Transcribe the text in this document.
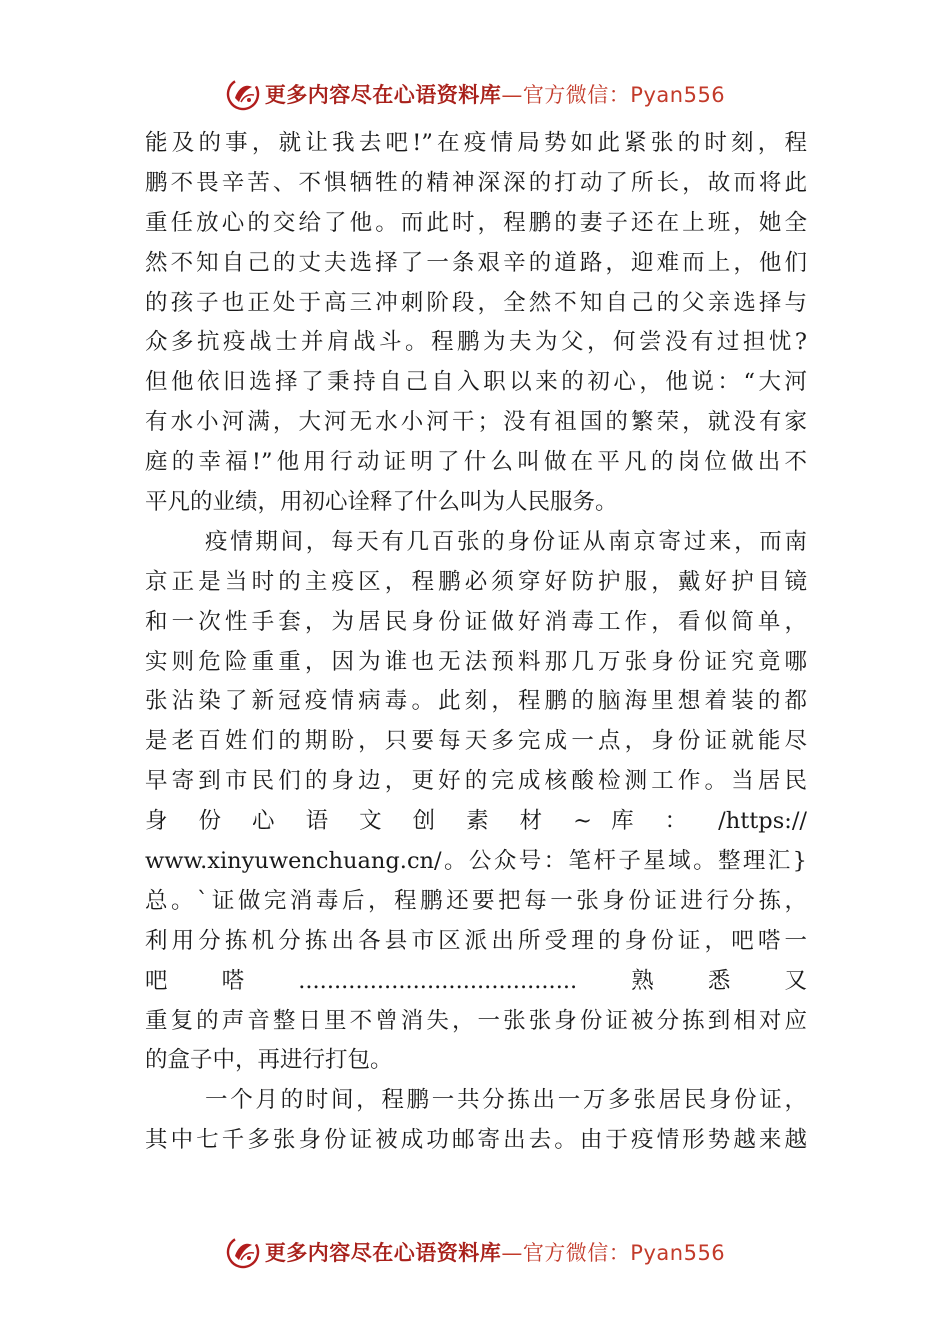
更多内容尽在心语资料库—官方微信：Pyan556
能及的事，就让我去吧!”在疫情局势如此紧张的时刻，程
鹏不畏辛苦、不惧牺牲的精神深深的打动了所长，故而将此
重任放心的交给了他。而此时，程鹏的妻子还在上班，她全
然不知自己的丈夫选择了一条艰辛的道路，迎难而上，他们
的孩子也正处于高三冲刺阶段，全然不知自己的父亲选择与
众多抗疫战士并肩战斗。程鹏为夫为父，何尝没有过担忧?
但他依旧选择了秉持自己自入职以来的初心，他说：“大河
有水小河满，大河无水小河干；没有祖国的繁荣，就没有家
庭的幸福!”他用行动证明了什么叫做在平凡的岗位做出不
平凡的业绩，用初心诠释了什么叫为人民服务。
疫情期间，每天有几百张的身份证从南京寄过来，而南
京正是当时的主疫区，程鹏必须穿好防护服，戴好护目镜
和一次性手套，为居民身份证做好消毒工作，看似简单，
实则危险重重，因为谁也无法预料那几万张身份证究竟哪
张沾染了新冠疫情病毒。此刻，程鹏的脑海里想着装的都
是老百姓们的期盼，只要每天多完成一点，身份证就能尽
早寄到市民们的身边，更好的完成核酸检测工作。当居民
身 份 心 语 文 创 素 材 ~ 库 ： /https://
www.xinyuwenchuang.cn/。公众号：笔杆子星域。整理汇}
总。`证做完消毒后，程鹏还要把每一张身份证进行分拣，
利用分拣机分拣出各县市区派出所受理的身份证，吧嗒一
吧嗒.......................................熟悉又
重复的声音整日里不曾消失，一张张身份证被分拣到相对应
的盒子中，再进行打包。
一个月的时间，程鹏一共分拣出一万多张居民身份证，
其中七千多张身份证被成功邮寄出去。由于疫情形势越来越
更多内容尽在心语资料库—官方微信：Pyan556
